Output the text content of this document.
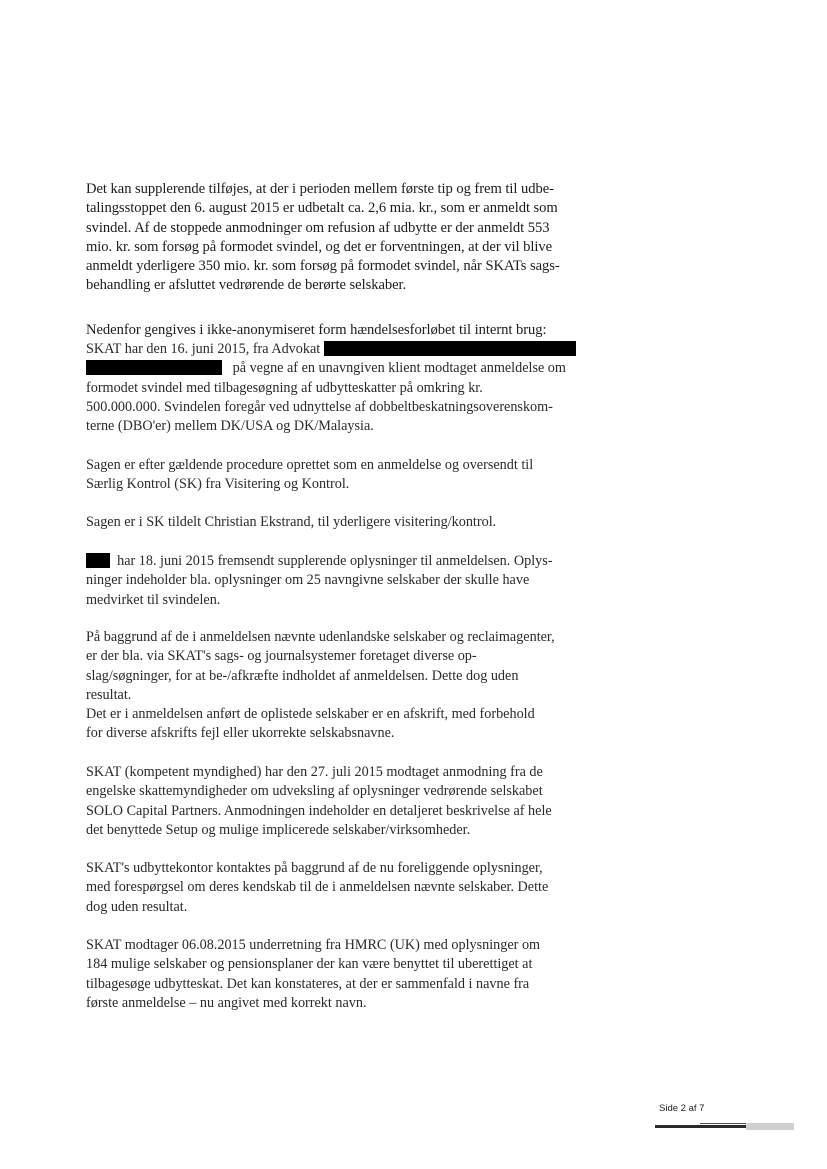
Det kan supplerende tilføjes, at der i perioden mellem første tip og frem til udbe-
talingsstoppet den 6. august 2015 er udbetalt ca. 2,6 mia. kr., som er anmeldt som
svindel. Af de stoppede anmodninger om refusion af udbytte er der anmeldt 553
mio. kr. som forsøg på formodet svindel, og det er forventningen, at der vil blive
anmeldt yderligere 350 mio. kr. som forsøg på formodet svindel, når SKATs sags-
behandling er afsluttet vedrørende de berørte selskaber.
Nedenfor gengives i ikke-anonymiseret form hændelsesforløbet til internt brug:
SKAT har den 16. juni 2015, fra Advokat
på vegne af en unavngiven klient modtaget anmeldelse om
formodet svindel med tilbagesøgning af udbytteskatter på omkring kr.
500.000.000. Svindelen foregår ved udnyttelse af dobbeltbeskatningsoverenskom-
terne (DBO'er) mellem DK/USA og DK/Malaysia.
Sagen er efter gældende procedure oprettet som en anmeldelse og oversendt til
Særlig Kontrol (SK) fra Visitering og Kontrol.
Sagen er i SK tildelt Christian Ekstrand, til yderligere visitering/kontrol.
har 18. juni 2015 fremsendt supplerende oplysninger til anmeldelsen. Oplys-
ninger indeholder bla. oplysninger om 25 navngivne selskaber der skulle have
medvirket til svindelen.
På baggrund af de i anmeldelsen nævnte udenlandske selskaber og reclaimagenter,
er der bla. via SKAT's sags- og journalsystemer foretaget diverse op-
slag/søgninger, for at be-/afkræfte indholdet af anmeldelsen. Dette dog uden
resultat.
Det er i anmeldelsen anført de oplistede selskaber er en afskrift, med forbehold
for diverse afskrifts fejl eller ukorrekte selskabsnavne.
SKAT (kompetent myndighed) har den 27. juli 2015 modtaget anmodning fra de
engelske skattemyndigheder om udveksling af oplysninger vedrørende selskabet
SOLO Capital Partners. Anmodningen indeholder en detaljeret beskrivelse af hele
det benyttede Setup og mulige implicerede selskaber/virksomheder.
SKAT's udbyttekontor kontaktes på baggrund af de nu foreliggende oplysninger,
med forespørgsel om deres kendskab til de i anmeldelsen nævnte selskaber. Dette
dog uden resultat.
SKAT modtager 06.08.2015 underretning fra HMRC (UK) med oplysninger om
184 mulige selskaber og pensionsplaner der kan være benyttet til uberettiget at
tilbagesøge udbytteskat. Det kan konstateres, at der er sammenfald i navne fra
første anmeldelse – nu angivet med korrekt navn.
Side 2 af 7
